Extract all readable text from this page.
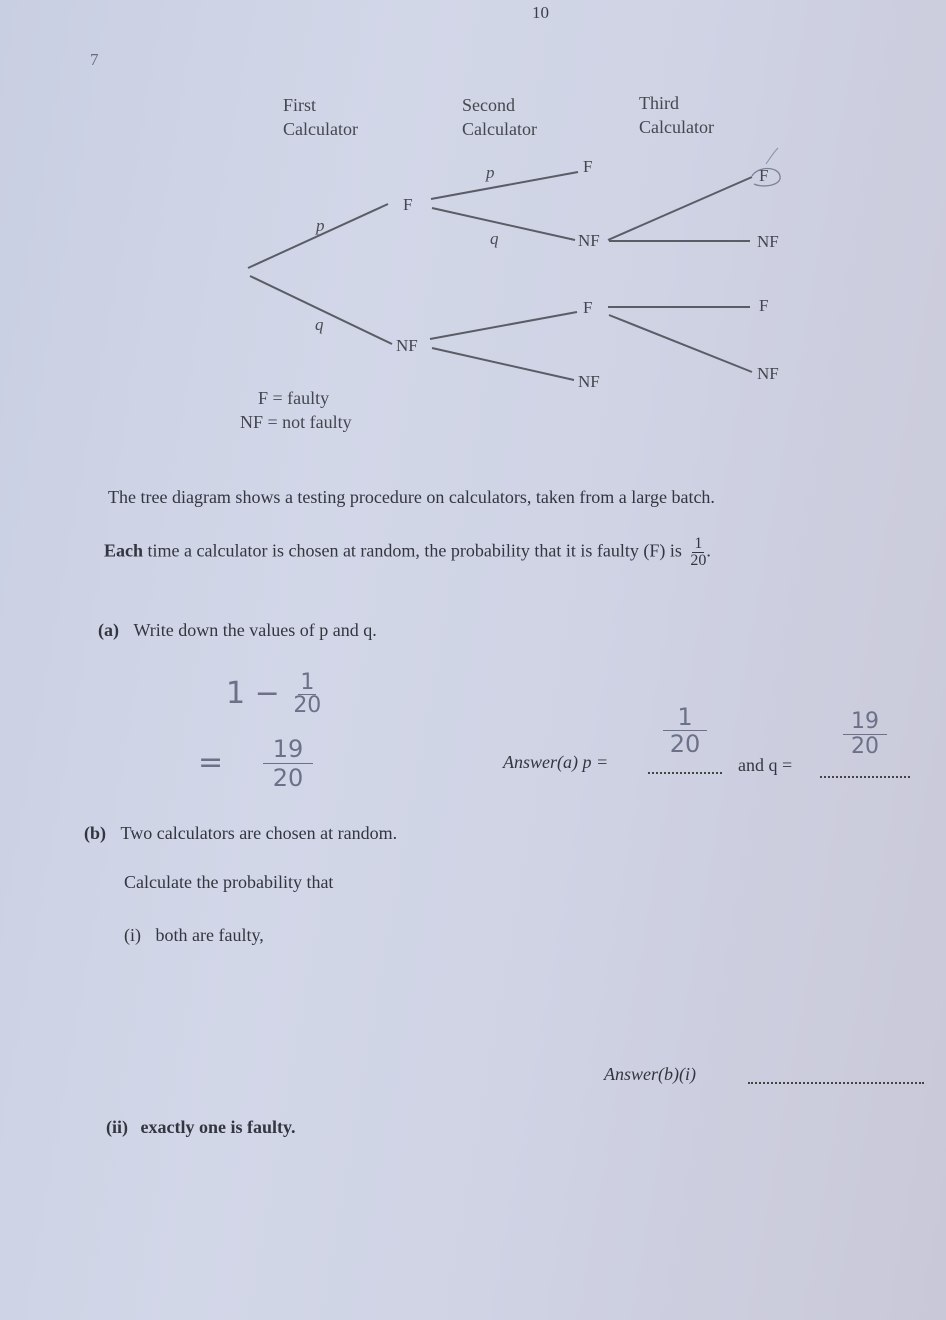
10
7
First
Calculator
Second
Calculator
Third
Calculator
F
NF
p
q
F
NF
p
q
F
NF
F
NF
F
NF
F = faulty
NF = not faulty
The tree diagram shows a testing procedure on calculators, taken from a large batch.
Each time a calculator is chosen at random, the probability that it is faulty (F) is $\frac{1}{20}$ .
(a) Write down the values of p and q.
$1 - \frac{1}{20}$
= $\frac{19}{20}$	Answer(a) p =
1
20
and q =
19
20
(b) Two calculators are chosen at random.
Calculate the probability that
(i) both are faulty,
Answer(b)(i)
(ii) exactly one is faulty.
